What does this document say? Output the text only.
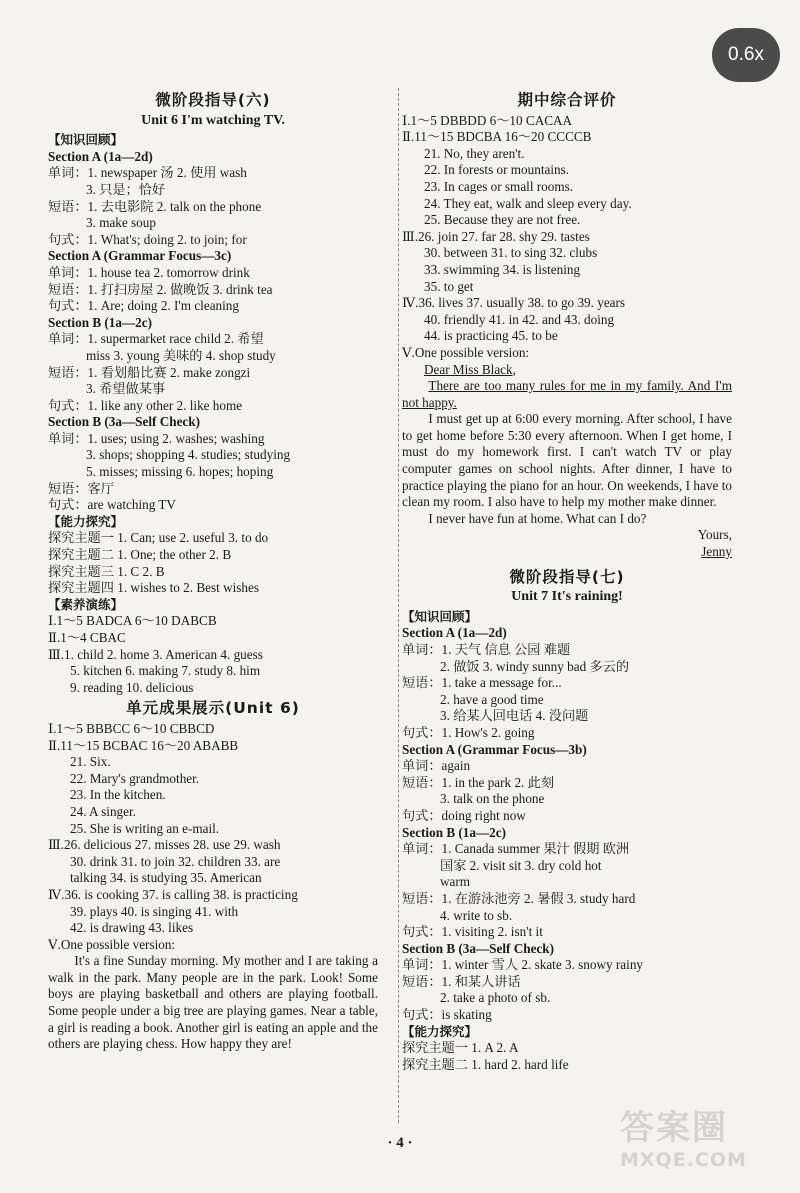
0.6x
微阶段指导(六)
Unit 6 I'm watching TV.
【知识回顾】
Section A (1a—2d)
单词：1. newspaper 汤 2. 使用 wash
3. 只是；恰好
短语：1. 去电影院 2. talk on the phone
3. make soup
句式：1. What's; doing 2. to join; for
Section A (Grammar Focus—3c)
单词：1. house tea 2. tomorrow drink
短语：1. 打扫房屋 2. 做晚饭 3. drink tea
句式：1. Are; doing 2. I'm cleaning
Section B (1a—2c)
单词：1. supermarket race child 2. 希望
miss 3. young 美味的 4. shop study
短语：1. 看划船比赛 2. make zongzi
3. 希望做某事
句式：1. like any other 2. like home
Section B (3a—Self Check)
单词：1. uses; using 2. washes; washing
3. shops; shopping 4. studies; studying
5. misses; missing 6. hopes; hoping
短语：客厅
句式：are watching TV
【能力探究】
探究主题一 1. Can; use 2. useful 3. to do
探究主题二 1. One; the other 2. B
探究主题三 1. C 2. B
探究主题四 1. wishes to 2. Best wishes
【素养演练】
Ⅰ.1～5 BADCA 6～10 DABCB
Ⅱ.1～4 CBAC
Ⅲ.1. child 2. home 3. American 4. guess
5. kitchen 6. making 7. study 8. him
9. reading 10. delicious
单元成果展示(Unit 6)
Ⅰ.1～5 BBBCC 6～10 CBBCD
Ⅱ.11～15 BCBAC 16～20 ABABB
21. Six.
22. Mary's grandmother.
23. In the kitchen.
24. A singer.
25. She is writing an e-mail.
Ⅲ.26. delicious 27. misses 28. use 29. wash
30. drink 31. to join 32. children 33. are
talking 34. is studying 35. American
Ⅳ.36. is cooking 37. is calling 38. is practicing
39. plays 40. is singing 41. with
42. is drawing 43. likes
Ⅴ.One possible version:

It's a fine Sunday morning. My mother and I are taking a walk in the park. Many people are in the park. Look! Some boys are playing basketball and others are playing football. Some people under a big tree are playing games. Near a table, a girl is reading a book. Another girl is eating an apple and the others are playing chess. How happy they are!

期中综合评价
Ⅰ.1～5 DBBDD 6～10 CACAA
Ⅱ.11～15 BDCBA 16～20 CCCCB
21. No, they aren't.
22. In forests or mountains.
23. In cages or small rooms.
24. They eat, walk and sleep every day.
25. Because they are not free.
Ⅲ.26. join 27. far 28. shy 29. tastes
30. between 31. to sing 32. clubs
33. swimming 34. is listening
35. to get
Ⅳ.36. lives 37. usually 38. to go 39. years
40. friendly 41. in 42. and 43. doing
44. is practicing 45. to be
Ⅴ.One possible version:
Dear Miss Black,

There are too many rules for me in my family. And I'm not happy.

I must get up at 6:00 every morning. After school, I have to get home before 5:30 every afternoon. When I get home, I must do my homework first. I can't watch TV or play computer games on school nights. After dinner, I have to practice playing the piano for an hour. On weekends, I have to clean my room. I also have to help my mother make dinner.

I never have fun at home. What can I do?

Yours,
Jenny
微阶段指导(七)
Unit 7 It's raining!
【知识回顾】
Section A (1a—2d)
单词：1. 天气 信息 公园 难题
2. 做饭 3. windy sunny bad 多云的
短语：1. take a message for...
2. have a good time
3. 给某人回电话 4. 没问题
句式：1. How's 2. going
Section A (Grammar Focus—3b)
单词：again
短语：1. in the park 2. 此刻
3. talk on the phone
句式：doing right now
Section B (1a—2c)
单词：1. Canada summer 果汁 假期 欧洲
国家 2. visit sit 3. dry cold hot
warm
短语：1. 在游泳池旁 2. 暑假 3. study hard
4. write to sb.
句式：1. visiting 2. isn't it
Section B (3a—Self Check)
单词：1. winter 雪人 2. skate 3. snowy rainy
短语：1. 和某人讲话
2. take a photo of sb.
句式：is skating
【能力探究】
探究主题一 1. A 2. A
探究主题二 1. hard 2. hard life
· 4 ·	答案圈
MXQE.COM
